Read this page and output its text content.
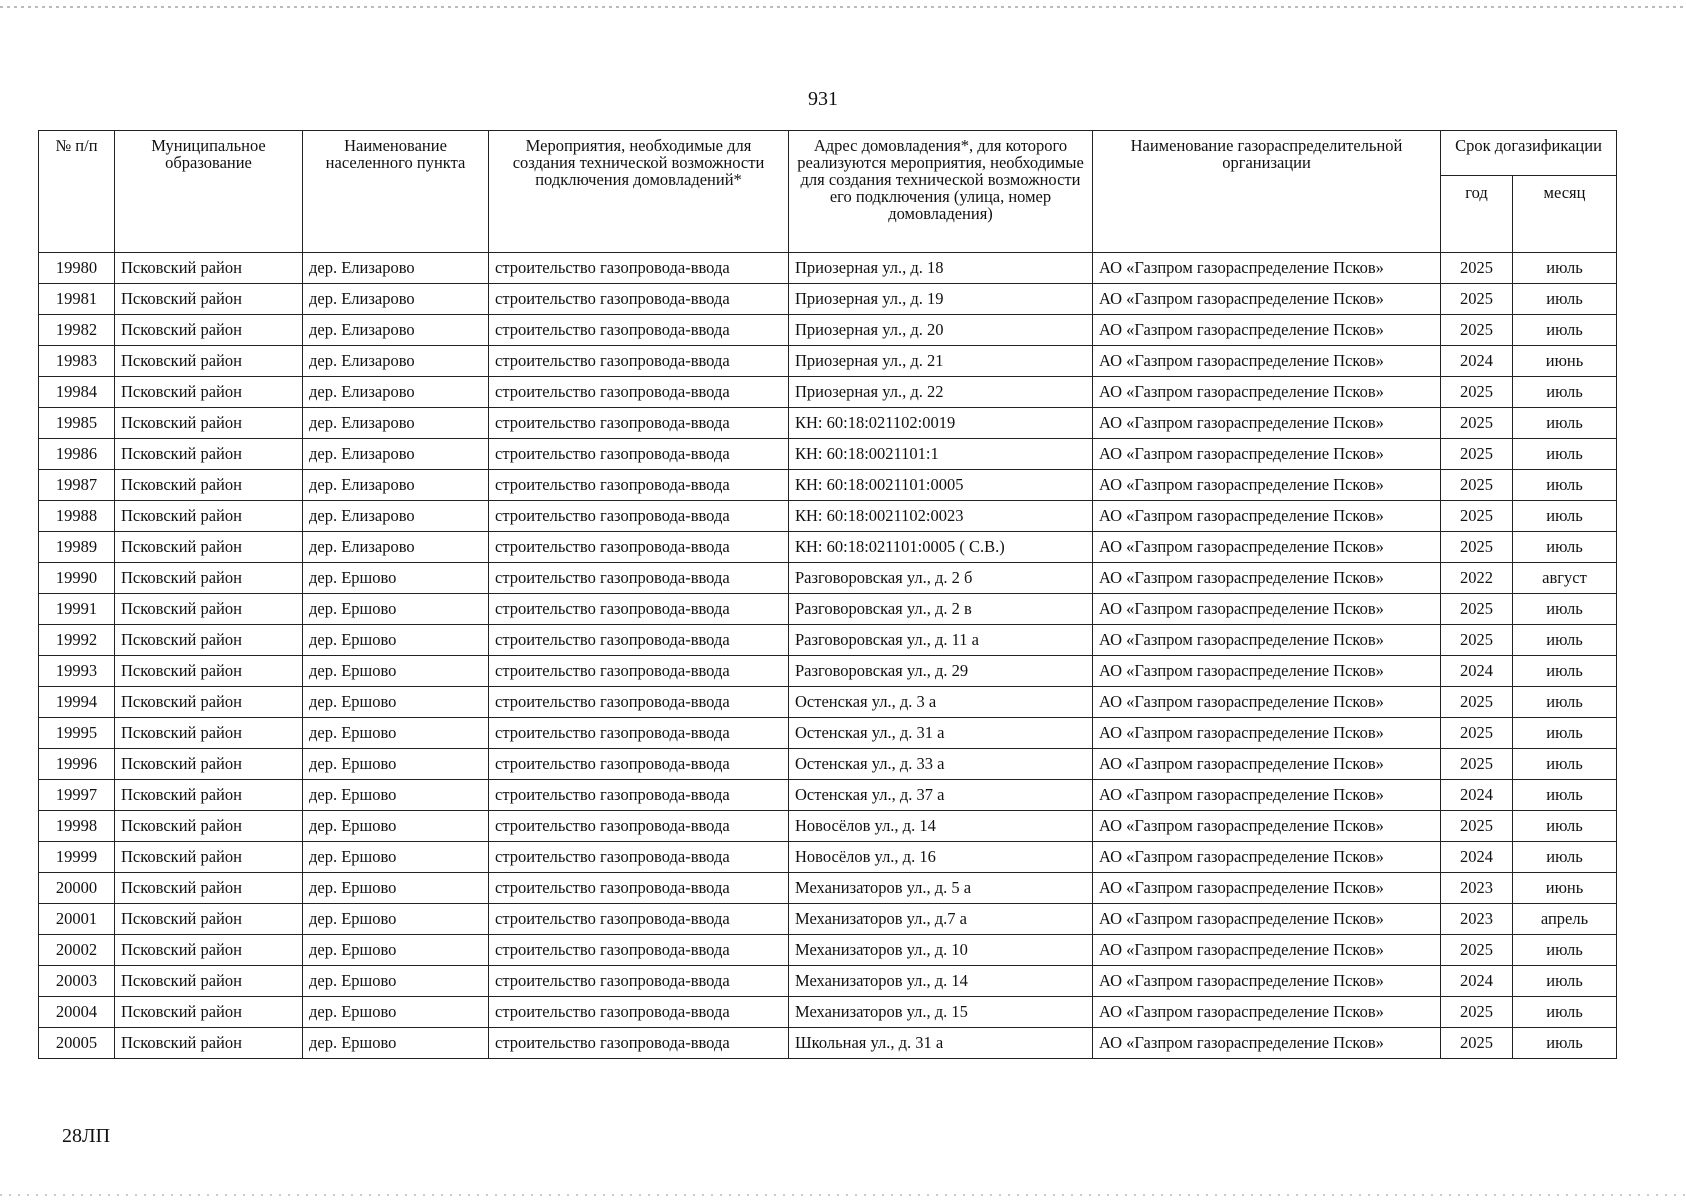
931
№ п/п	Муниципальное образование	Наименование населенного пункта	Мероприятия, необходимые для создания технической возможности подключения домовладений*	Адрес домовладения*, для которого реализуются мероприятия, необходимые для создания технической возможности его подключения (улица, номер домовладения)	Наименование газораспределительной организации	Срок догазификации	
						год	месяц
19980	Псковский район	дер. Елизарово	строительство газопровода-ввода	Приозерная ул., д. 18	АО «Газпром газораспределение Псков»	2025	июль
19981	Псковский район	дер. Елизарово	строительство газопровода-ввода	Приозерная ул., д. 19	АО «Газпром газораспределение Псков»	2025	июль
19982	Псковский район	дер. Елизарово	строительство газопровода-ввода	Приозерная ул., д. 20	АО «Газпром газораспределение Псков»	2025	июль
19983	Псковский район	дер. Елизарово	строительство газопровода-ввода	Приозерная ул., д. 21	АО «Газпром газораспределение Псков»	2024	июнь
19984	Псковский район	дер. Елизарово	строительство газопровода-ввода	Приозерная ул., д. 22	АО «Газпром газораспределение Псков»	2025	июль
19985	Псковский район	дер. Елизарово	строительство газопровода-ввода	КН: 60:18:021102:0019	АО «Газпром газораспределение Псков»	2025	июль
19986	Псковский район	дер. Елизарово	строительство газопровода-ввода	КН: 60:18:0021101:1	АО «Газпром газораспределение Псков»	2025	июль
19987	Псковский район	дер. Елизарово	строительство газопровода-ввода	КН: 60:18:0021101:0005	АО «Газпром газораспределение Псков»	2025	июль
19988	Псковский район	дер. Елизарово	строительство газопровода-ввода	КН: 60:18:0021102:0023	АО «Газпром газораспределение Псков»	2025	июль
19989	Псковский район	дер. Елизарово	строительство газопровода-ввода	КН: 60:18:021101:0005 ( С.В.)	АО «Газпром газораспределение Псков»	2025	июль
19990	Псковский район	дер. Ершово	строительство газопровода-ввода	Разговоровская ул., д. 2 б	АО «Газпром газораспределение Псков»	2022	август
19991	Псковский район	дер. Ершово	строительство газопровода-ввода	Разговоровская ул., д. 2 в	АО «Газпром газораспределение Псков»	2025	июль
19992	Псковский район	дер. Ершово	строительство газопровода-ввода	Разговоровская ул., д. 11 а	АО «Газпром газораспределение Псков»	2025	июль
19993	Псковский район	дер. Ершово	строительство газопровода-ввода	Разговоровская ул., д. 29	АО «Газпром газораспределение Псков»	2024	июль
19994	Псковский район	дер. Ершово	строительство газопровода-ввода	Остенская ул., д. 3 а	АО «Газпром газораспределение Псков»	2025	июль
19995	Псковский район	дер. Ершово	строительство газопровода-ввода	Остенская ул., д. 31 а	АО «Газпром газораспределение Псков»	2025	июль
19996	Псковский район	дер. Ершово	строительство газопровода-ввода	Остенская ул., д. 33 а	АО «Газпром газораспределение Псков»	2025	июль
19997	Псковский район	дер. Ершово	строительство газопровода-ввода	Остенская ул., д. 37 а	АО «Газпром газораспределение Псков»	2024	июль
19998	Псковский район	дер. Ершово	строительство газопровода-ввода	Новосёлов ул., д. 14	АО «Газпром газораспределение Псков»	2025	июль
19999	Псковский район	дер. Ершово	строительство газопровода-ввода	Новосёлов ул., д. 16	АО «Газпром газораспределение Псков»	2024	июль
20000	Псковский район	дер. Ершово	строительство газопровода-ввода	Механизаторов ул., д. 5 а	АО «Газпром газораспределение Псков»	2023	июнь
20001	Псковский район	дер. Ершово	строительство газопровода-ввода	Механизаторов ул., д.7 а	АО «Газпром газораспределение Псков»	2023	апрель
20002	Псковский район	дер. Ершово	строительство газопровода-ввода	Механизаторов ул., д. 10	АО «Газпром газораспределение Псков»	2025	июль
20003	Псковский район	дер. Ершово	строительство газопровода-ввода	Механизаторов ул., д. 14	АО «Газпром газораспределение Псков»	2024	июль
20004	Псковский район	дер. Ершово	строительство газопровода-ввода	Механизаторов ул., д. 15	АО «Газпром газораспределение Псков»	2025	июль
20005	Псковский район	дер. Ершово	строительство газопровода-ввода	Школьная ул., д. 31 а	АО «Газпром газораспределение Псков»	2025	июль
28ЛП
